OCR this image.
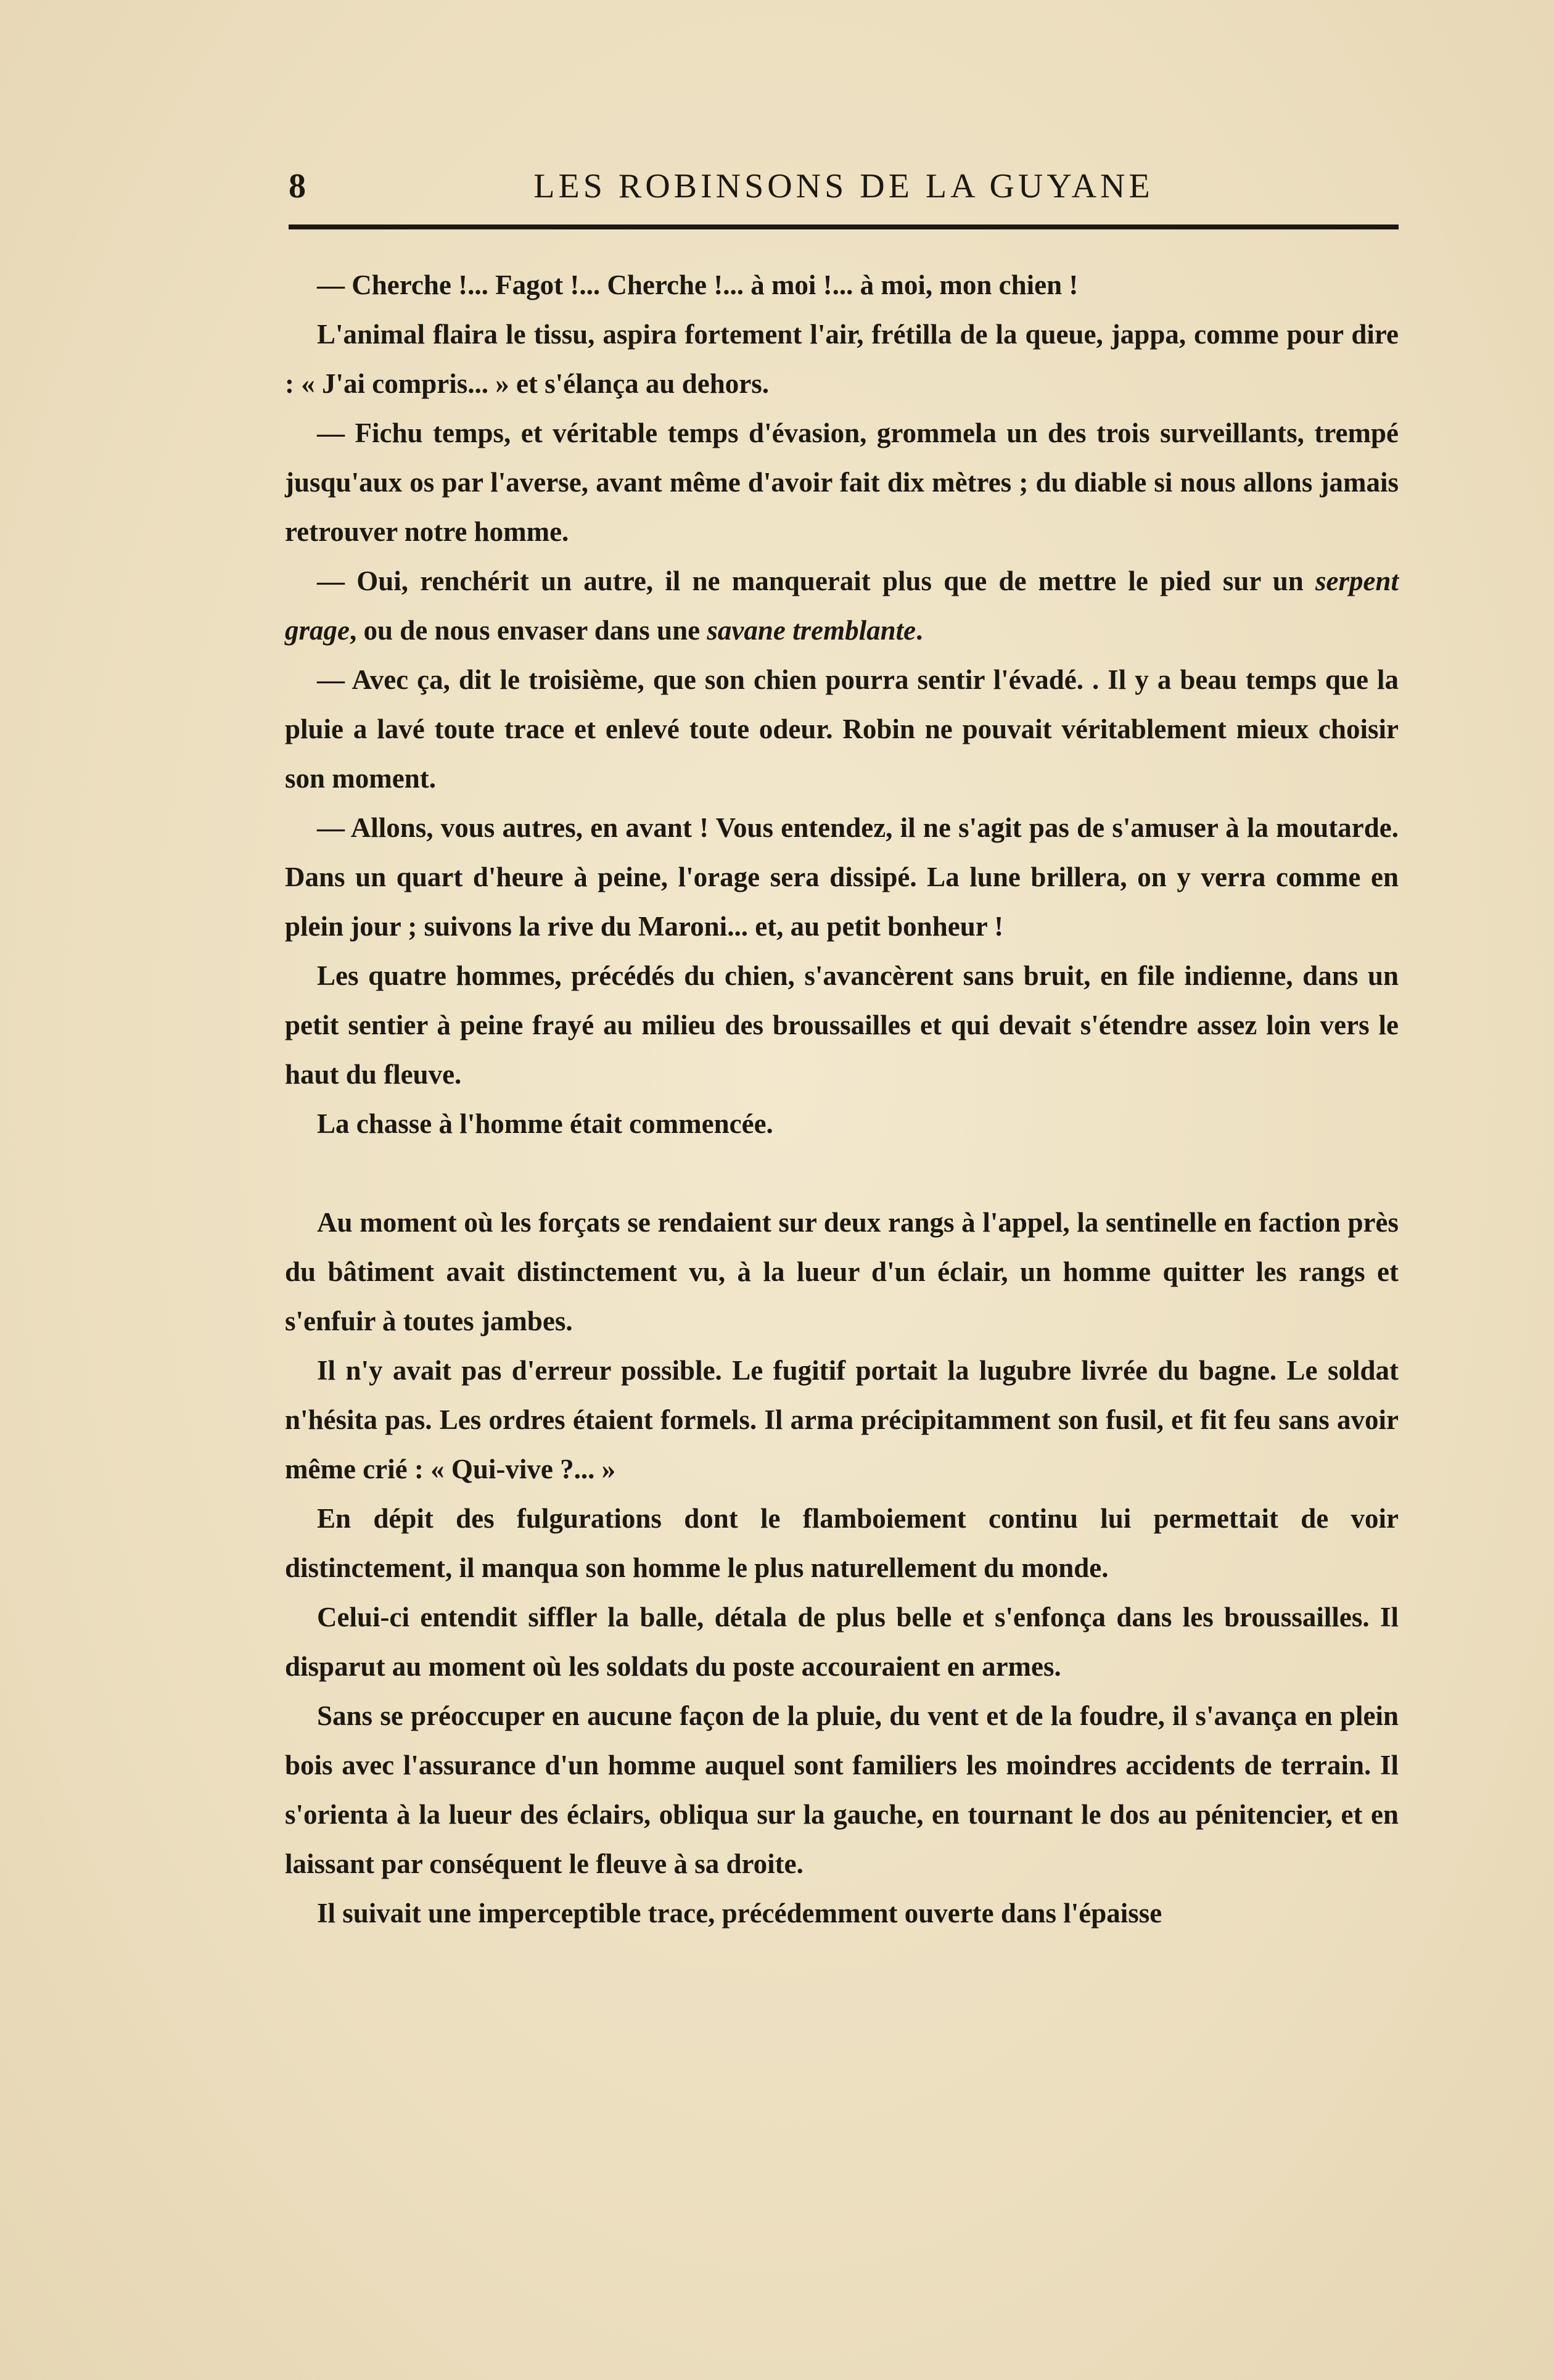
8	LES ROBINSONS DE LA GUYANE

— Cherche !... Fagot !... Cherche !... à moi !... à moi, mon chien !

L'animal flaira le tissu, aspira fortement l'air, frétilla de la queue, jappa, comme pour dire : « J'ai compris... » et s'élança au dehors.

— Fichu temps, et véritable temps d'évasion, grommela un des trois surveillants, trempé jusqu'aux os par l'averse, avant même d'avoir fait dix mètres ; du diable si nous allons jamais retrouver notre homme.

— Oui, renchérit un autre, il ne manquerait plus que de mettre le pied sur un serpent grage, ou de nous envaser dans une savane tremblante.

— Avec ça, dit le troisième, que son chien pourra sentir l'évadé. . Il y a beau temps que la pluie a lavé toute trace et enlevé toute odeur. Robin ne pouvait véritablement mieux choisir son moment.

— Allons, vous autres, en avant ! Vous entendez, il ne s'agit pas de s'amuser à la moutarde. Dans un quart d'heure à peine, l'orage sera dissipé. La lune brillera, on y verra comme en plein jour ; suivons la rive du Maroni... et, au petit bonheur !

Les quatre hommes, précédés du chien, s'avancèrent sans bruit, en file indienne, dans un petit sentier à peine frayé au milieu des broussailles et qui devait s'étendre assez loin vers le haut du fleuve.

La chasse à l'homme était commencée.

Au moment où les forçats se rendaient sur deux rangs à l'appel, la sentinelle en faction près du bâtiment avait distinctement vu, à la lueur d'un éclair, un homme quitter les rangs et s'enfuir à toutes jambes.

Il n'y avait pas d'erreur possible. Le fugitif portait la lugubre livrée du bagne. Le soldat n'hésita pas. Les ordres étaient formels. Il arma précipitamment son fusil, et fit feu sans avoir même crié : « Qui-vive ?... »

En dépit des fulgurations dont le flamboiement continu lui permettait de voir distinctement, il manqua son homme le plus naturellement du monde.

Celui-ci entendit siffler la balle, détala de plus belle et s'enfonça dans les broussailles. Il disparut au moment où les soldats du poste accouraient en armes.

Sans se préoccuper en aucune façon de la pluie, du vent et de la foudre, il s'avança en plein bois avec l'assurance d'un homme auquel sont familiers les moindres accidents de terrain. Il s'orienta à la lueur des éclairs, obliqua sur la gauche, en tournant le dos au pénitencier, et en laissant par conséquent le fleuve à sa droite.

Il suivait une imperceptible trace, précédemment ouverte dans l'épaisse
